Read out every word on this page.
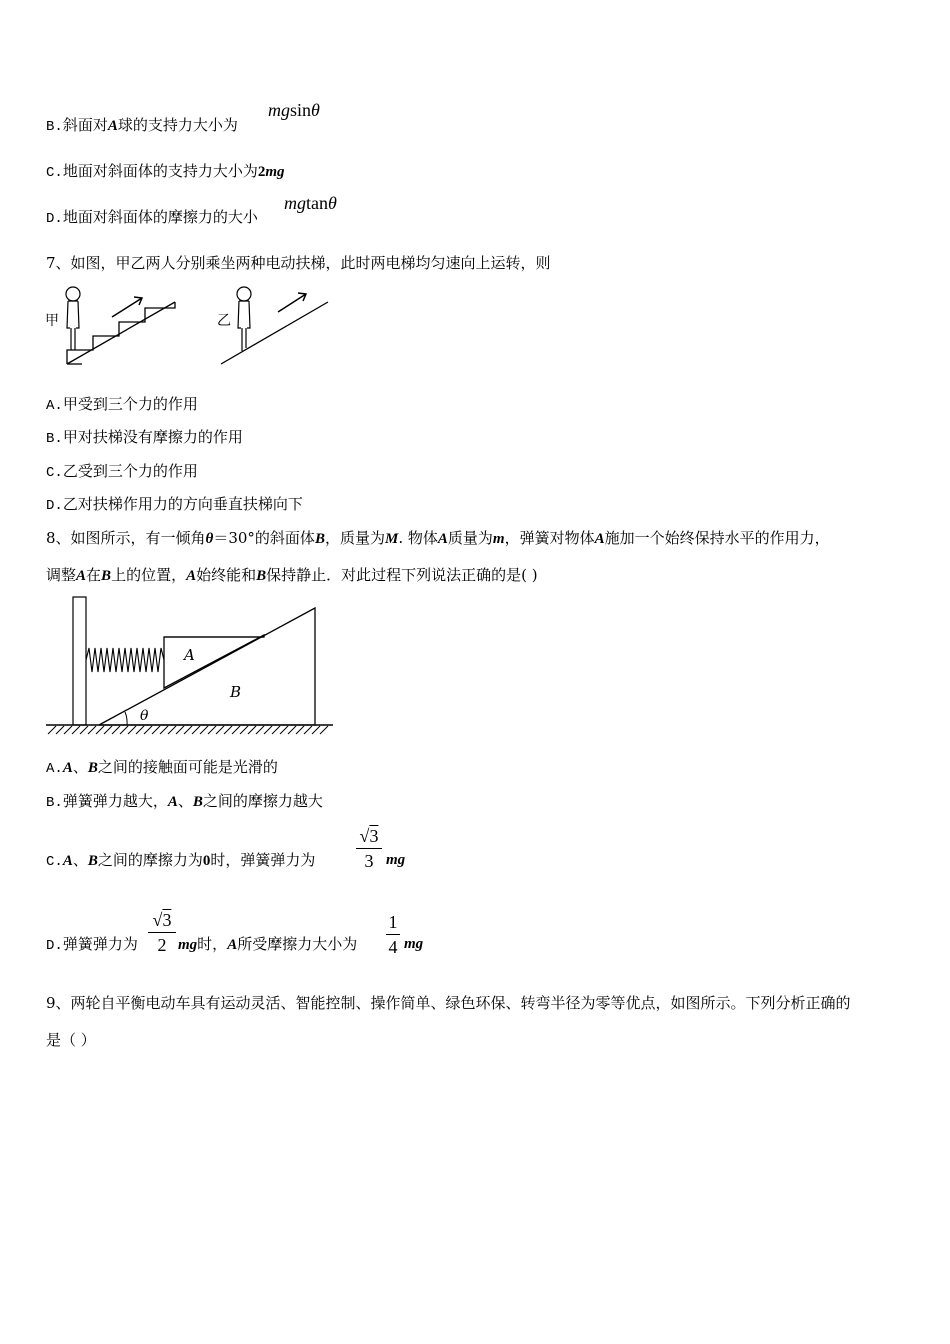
B.斜面对A球的支持力大小为
mgsinθ
C.地面对斜面体的支持力大小为2mg
D.地面对斜面体的摩擦力的大小
mgtanθ
7、如图，甲乙两人分别乘坐两种电动扶梯，此时两电梯均匀速向上运转，则
甲	乙
A.甲受到三个力的作用
B.甲对扶梯没有摩擦力的作用
C.乙受到三个力的作用
D.乙对扶梯作用力的方向垂直扶梯向下
8、如图所示，有一倾角θ＝30°的斜面体B，质量为M. 物体A质量为m，弹簧对物体A施加一个始终保持水平的作用力，
调整A在B上的位置，A始终能和B保持静止．对此过程下列说法正确的是( )
A
B
θ
A.A、B之间的接触面可能是光滑的
B.弹簧弹力越大，A、B之间的摩擦力越大
C.A、B之间的摩擦力为0时，弹簧弹力为
√3
3 mg
D.弹簧弹力为
√3
2 mg时，A所受摩擦力大小为
1
4 mg
9、两轮自平衡电动车具有运动灵活、智能控制、操作简单、绿色环保、转弯半径为零等优点，如图所示。下列分析正确的
是（ ）
